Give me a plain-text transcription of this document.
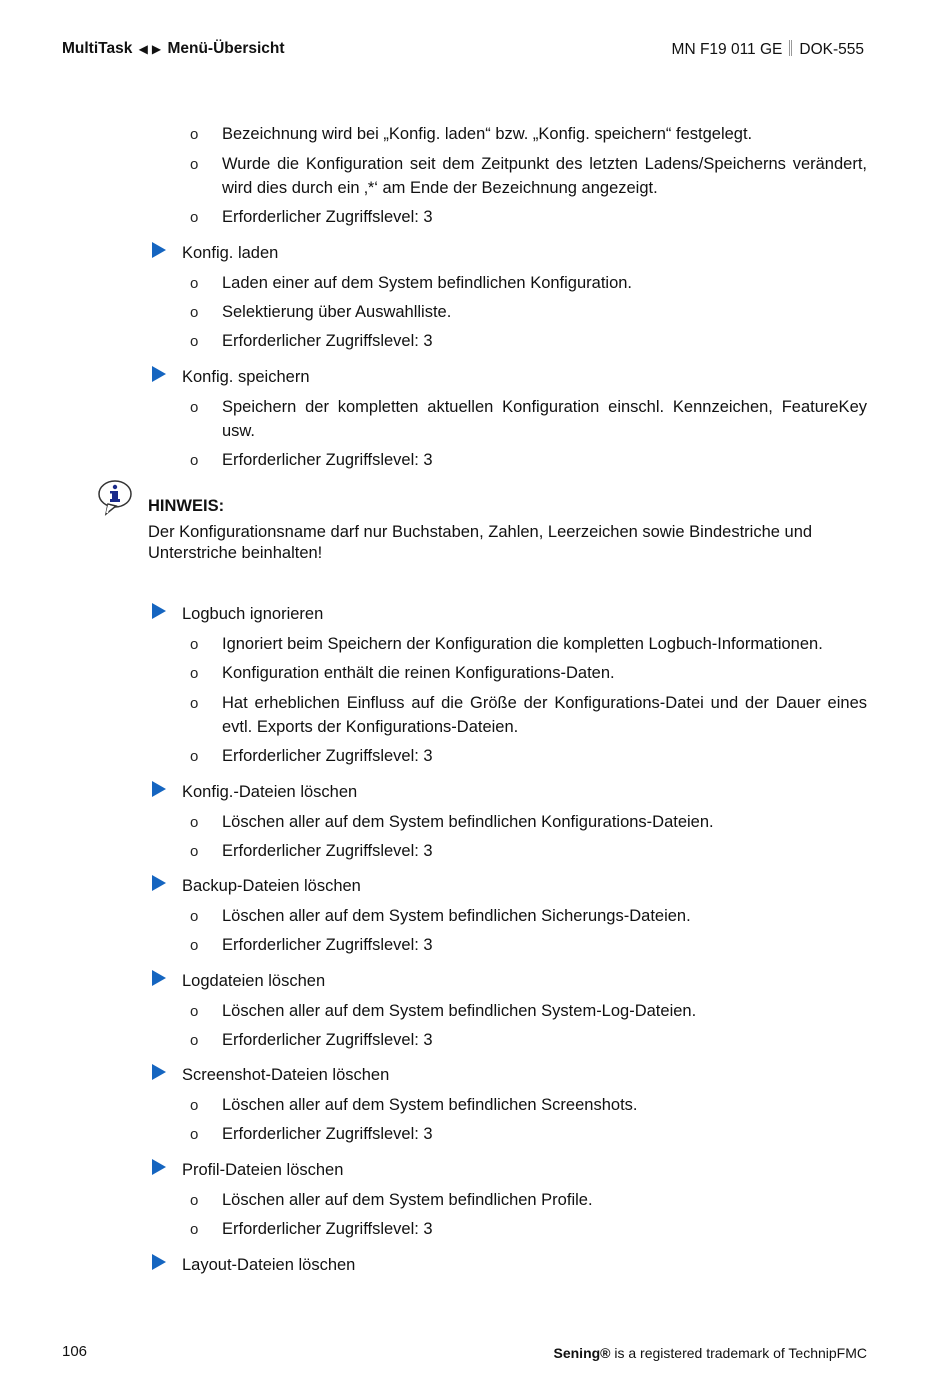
MultiTask ◀ ▶ Menü-Übersicht	MN F19 011 GE DOK-555
o Bezeichnung wird bei „Konfig. laden“ bzw. „Konfig. speichern“ festgelegt.
o Wurde die Konfiguration seit dem Zeitpunkt des letzten Ladens/Speicherns verändert, wird dies durch ein ‚*‘ am Ende der Bezeichnung angezeigt.
o Erforderlicher Zugriffslevel: 3
Konfig. laden
o Laden einer auf dem System befindlichen Konfiguration.
o Selektierung über Auswahlliste.
o Erforderlicher Zugriffslevel: 3
Konfig. speichern
o Speichern der kompletten aktuellen Konfiguration einschl. Kennzeichen, FeatureKey usw.
o Erforderlicher Zugriffslevel: 3
HINWEIS:
Der Konfigurationsname darf nur Buchstaben, Zahlen, Leerzeichen sowie Bindestriche und Unterstriche beinhalten!
Logbuch ignorieren
o Ignoriert beim Speichern der Konfiguration die kompletten Logbuch-Informationen.
o Konfiguration enthält die reinen Konfigurations-Daten.
o Hat erheblichen Einfluss auf die Größe der Konfigurations-Datei und der Dauer eines evtl. Exports der Konfigurations-Dateien.
o Erforderlicher Zugriffslevel: 3
Konfig.-Dateien löschen
o Löschen aller auf dem System befindlichen Konfigurations-Dateien.
o Erforderlicher Zugriffslevel: 3
Backup-Dateien löschen
o Löschen aller auf dem System befindlichen Sicherungs-Dateien.
o Erforderlicher Zugriffslevel: 3
Logdateien löschen
o Löschen aller auf dem System befindlichen System-Log-Dateien.
o Erforderlicher Zugriffslevel: 3
Screenshot-Dateien löschen
o Löschen aller auf dem System befindlichen Screenshots.
o Erforderlicher Zugriffslevel: 3
Profil-Dateien löschen
o Löschen aller auf dem System befindlichen Profile.
o Erforderlicher Zugriffslevel: 3
Layout-Dateien löschen
106	Sening® is a registered trademark of TechnipFMC
